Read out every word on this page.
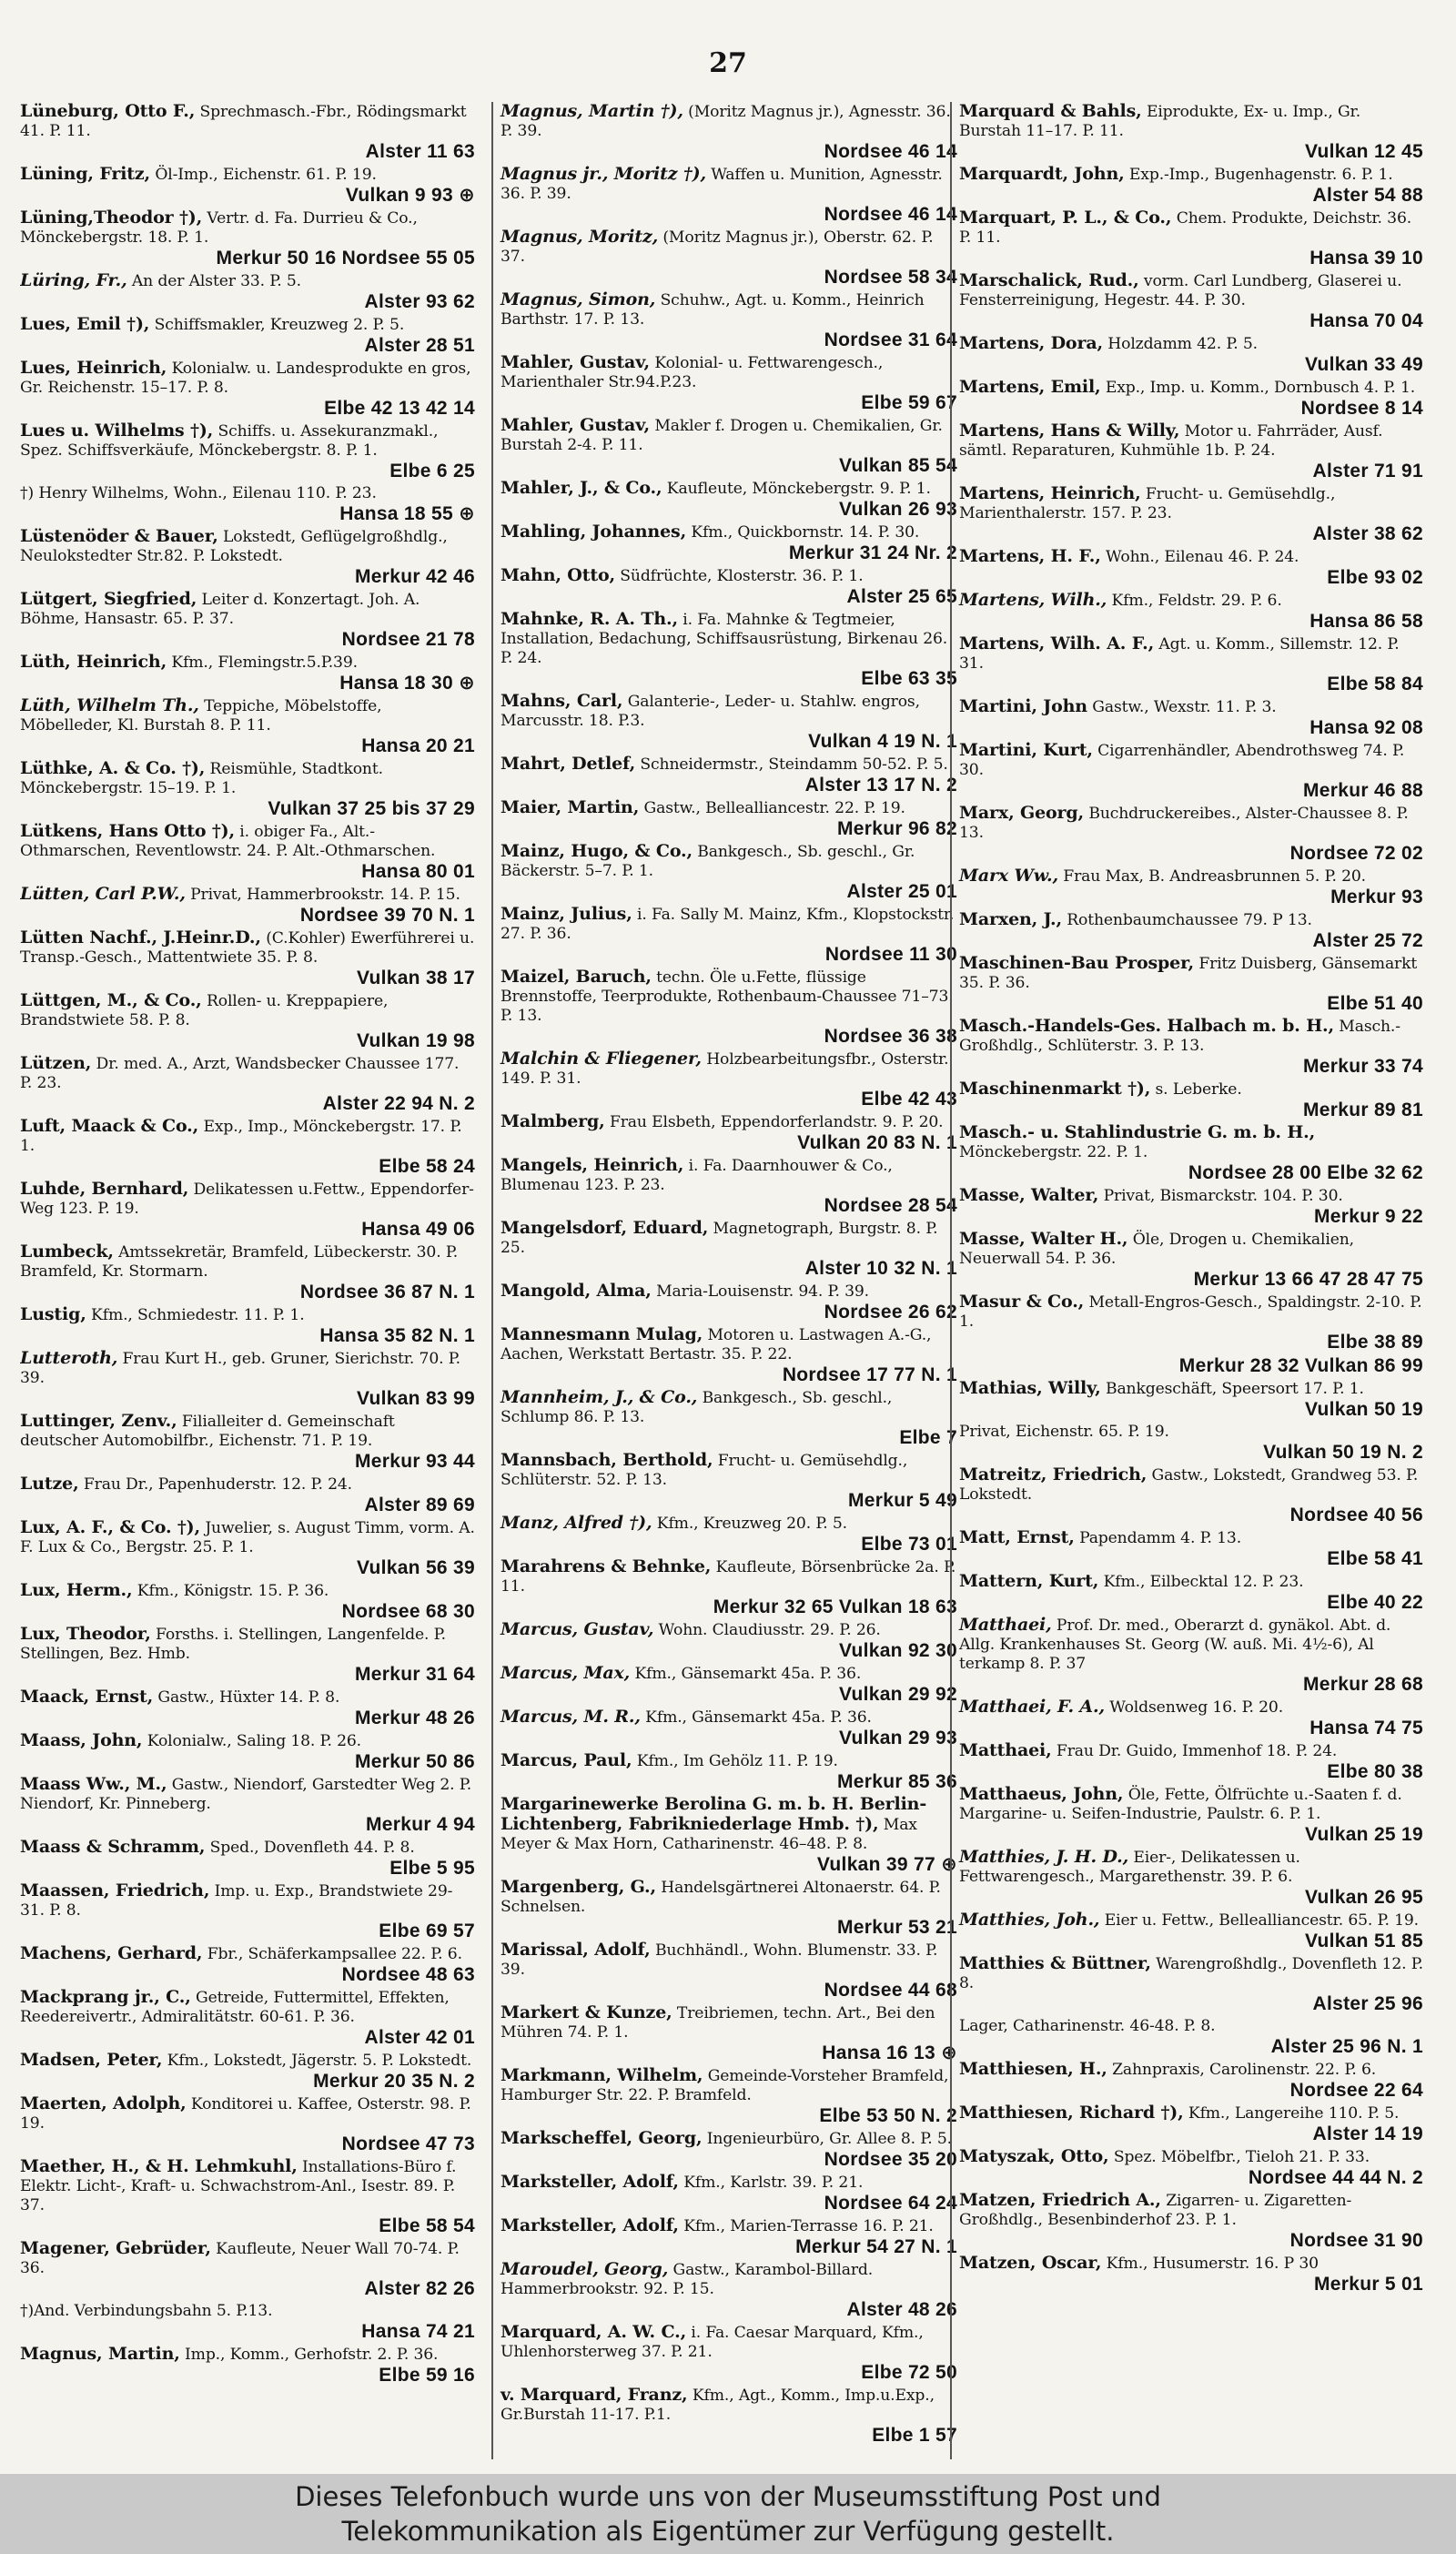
27
Lüneburg, Otto F., Sprechmasch.-Fbr., Rödingsmarkt 41. P. 11.
Alster 11 63
Lüning, Fritz, Öl-Imp., Eichenstr. 61. P. 19.
Vulkan 9 93 ⊕
Lüning,Theodor †), Vertr. d. Fa. Durrieu & Co., Mönckebergstr. 18. P. 1.
Merkur 50 16 Nordsee 55 05
Lüring, Fr., An der Alster 33. P. 5.
Alster 93 62
Lues, Emil †), Schiffsmakler, Kreuzweg 2. P. 5.
Alster 28 51
Lues, Heinrich, Kolonialw. u. Landesprodukte en gros, Gr. Reichenstr. 15–17. P. 8.
Elbe 42 13 42 14
Lues u. Wilhelms †), Schiffs. u. Assekuranzmakl., Spez. Schiffsverkäufe, Mönckebergstr. 8. P. 1.
Elbe 6 25
†) Henry Wilhelms, Wohn., Eilenau 110. P. 23.
Hansa 18 55 ⊕
Lüstenöder & Bauer, Lokstedt, Geflügelgroßhdlg., Neulokstedter Str.82. P. Lokstedt.
Merkur 42 46
Lütgert, Siegfried, Leiter d. Konzertagt. Joh. A. Böhme, Hansastr. 65. P. 37.
Nordsee 21 78
Lüth, Heinrich, Kfm., Flemingstr.5.P.39.
Hansa 18 30 ⊕
Lüth, Wilhelm Th., Teppiche, Möbelstoffe, Möbelleder, Kl. Burstah 8. P. 11.
Hansa 20 21
Lüthke, A. & Co. †), Reismühle, Stadtkont. Mönckebergstr. 15–19. P. 1.
Vulkan 37 25 bis 37 29
Lütkens, Hans Otto †), i. obiger Fa., Alt.-Othmarschen, Reventlowstr. 24. P. Alt.-Othmarschen.
Hansa 80 01
Lütten, Carl P.W., Privat, Hammerbrookstr. 14. P. 15.
Nordsee 39 70 N. 1
Lütten Nachf., J.Heinr.D., (C.Kohler) Ewerführerei u. Transp.-Gesch., Mattentwiete 35. P. 8.
Vulkan 38 17
Lüttgen, M., & Co., Rollen- u. Kreppapiere, Brandstwiete 58. P. 8.
Vulkan 19 98
Lützen, Dr. med. A., Arzt, Wandsbecker Chaussee 177. P. 23.
Alster 22 94 N. 2
Luft, Maack & Co., Exp., Imp., Mönckebergstr. 17. P. 1.
Elbe 58 24
Luhde, Bernhard, Delikatessen u.Fettw., Eppendorfer-Weg 123. P. 19.
Hansa 49 06
Lumbeck, Amtssekretär, Bramfeld, Lübeckerstr. 30. P. Bramfeld, Kr. Stormarn.
Nordsee 36 87 N. 1
Lustig, Kfm., Schmiedestr. 11. P. 1.
Hansa 35 82 N. 1
Lutteroth, Frau Kurt H., geb. Gruner, Sierichstr. 70. P. 39.
Vulkan 83 99
Luttinger, Zenv., Filialleiter d. Gemeinschaft deutscher Automobilfbr., Eichenstr. 71. P. 19.
Merkur 93 44
Lutze, Frau Dr., Papenhuderstr. 12. P. 24.
Alster 89 69
Lux, A. F., & Co. †), Juwelier, s. August Timm, vorm. A. F. Lux & Co., Bergstr. 25. P. 1.
Vulkan 56 39
Lux, Herm., Kfm., Königstr. 15. P. 36.
Nordsee 68 30
Lux, Theodor, Forsths. i. Stellingen, Langenfelde. P. Stellingen, Bez. Hmb.
Merkur 31 64
Maack, Ernst, Gastw., Hüxter 14. P. 8.
Merkur 48 26
Maass, John, Kolonialw., Saling 18. P. 26.
Merkur 50 86
Maass Ww., M., Gastw., Niendorf, Garstedter Weg 2. P. Niendorf, Kr. Pinneberg.
Merkur 4 94
Maass & Schramm, Sped., Dovenfleth 44. P. 8.
Elbe 5 95
Maassen, Friedrich, Imp. u. Exp., Brandstwiete 29-31. P. 8.
Elbe 69 57
Machens, Gerhard, Fbr., Schäferkampsallee 22. P. 6.
Nordsee 48 63
Mackprang jr., C., Getreide, Futtermittel, Effekten, Reedereivertr., Admiralitätstr. 60-61. P. 36.
Alster 42 01
Madsen, Peter, Kfm., Lokstedt, Jägerstr. 5. P. Lokstedt.
Merkur 20 35 N. 2
Maerten, Adolph, Konditorei u. Kaffee, Osterstr. 98. P. 19.
Nordsee 47 73
Maether, H., & H. Lehmkuhl, Installations-Büro f. Elektr. Licht-, Kraft- u. Schwachstrom-Anl., Isestr. 89. P. 37.
Elbe 58 54
Magener, Gebrüder, Kaufleute, Neuer Wall 70-74. P. 36.
Alster 82 26
†)And. Verbindungsbahn 5. P.13.
Hansa 74 21
Magnus, Martin, Imp., Komm., Gerhofstr. 2. P. 36.
Elbe 59 16
Magnus, Martin †), (Moritz Magnus jr.), Agnesstr. 36. P. 39.
Nordsee 46 14
Magnus jr., Moritz †), Waffen u. Munition, Agnesstr. 36. P. 39.
Nordsee 46 14
Magnus, Moritz, (Moritz Magnus jr.), Oberstr. 62. P. 37.
Nordsee 58 34
Magnus, Simon, Schuhw., Agt. u. Komm., Heinrich Barthstr. 17. P. 13.
Nordsee 31 64
Mahler, Gustav, Kolonial- u. Fettwarengesch., Marienthaler Str.94.P.23.
Elbe 59 67
Mahler, Gustav, Makler f. Drogen u. Chemikalien, Gr. Burstah 2-4. P. 11.
Vulkan 85 54
Mahler, J., & Co., Kaufleute, Mönckebergstr. 9. P. 1.
Vulkan 26 93
Mahling, Johannes, Kfm., Quickbornstr. 14. P. 30.
Merkur 31 24 Nr. 2
Mahn, Otto, Südfrüchte, Klosterstr. 36. P. 1.
Alster 25 65
Mahnke, R. A. Th., i. Fa. Mahnke & Tegtmeier, Installation, Bedachung, Schiffsausrüstung, Birkenau 26. P. 24.
Elbe 63 35
Mahns, Carl, Galanterie-, Leder- u. Stahlw. engros, Marcusstr. 18. P.3.
Vulkan 4 19 N. 1
Mahrt, Detlef, Schneidermstr., Steindamm 50-52. P. 5.
Alster 13 17 N. 2
Maier, Martin, Gastw., Bellealliancestr. 22. P. 19.
Merkur 96 82
Mainz, Hugo, & Co., Bankgesch., Sb. geschl., Gr. Bäckerstr. 5–7. P. 1.
Alster 25 01
Mainz, Julius, i. Fa. Sally M. Mainz, Kfm., Klopstockstr. 27. P. 36.
Nordsee 11 30
Maizel, Baruch, techn. Öle u.Fette, flüssige Brennstoffe, Teerprodukte, Rothenbaum-Chaussee 71–73. P. 13.
Nordsee 36 38
Malchin & Fliegener, Holzbearbeitungsfbr., Osterstr. 149. P. 31.
Elbe 42 43
Malmberg, Frau Elsbeth, Eppendorferlandstr. 9. P. 20.
Vulkan 20 83 N. 1
Mangels, Heinrich, i. Fa. Daarnhouwer & Co., Blumenau 123. P. 23.
Nordsee 28 54
Mangelsdorf, Eduard, Magnetograph, Burgstr. 8. P. 25.
Alster 10 32 N. 1
Mangold, Alma, Maria-Louisenstr. 94. P. 39.
Nordsee 26 62
Mannesmann Mulag, Motoren u. Lastwagen A.-G., Aachen, Werkstatt Bertastr. 35. P. 22.
Nordsee 17 77 N. 1
Mannheim, J., & Co., Bankgesch., Sb. geschl., Schlump 86. P. 13.
Elbe 7
Mannsbach, Berthold, Frucht- u. Gemüsehdlg., Schlüterstr. 52. P. 13.
Merkur 5 49
Manz, Alfred †), Kfm., Kreuzweg 20. P. 5.
Elbe 73 01
Marahrens & Behnke, Kaufleute, Börsenbrücke 2a. P. 11.
Merkur 32 65 Vulkan 18 63
Marcus, Gustav, Wohn. Claudiusstr. 29. P. 26.
Vulkan 92 30
Marcus, Max, Kfm., Gänsemarkt 45a. P. 36.
Vulkan 29 92
Marcus, M. R., Kfm., Gänsemarkt 45a. P. 36.
Vulkan 29 93
Marcus, Paul, Kfm., Im Gehölz 11. P. 19.
Merkur 85 36
Margarinewerke Berolina G. m. b. H. Berlin-Lichtenberg, Fabrikniederlage Hmb. †), Max Meyer & Max Horn, Catharinenstr. 46–48. P. 8.
Vulkan 39 77 ⊕
Margenberg, G., Handelsgärtnerei Altonaerstr. 64. P. Schnelsen.
Merkur 53 21
Marissal, Adolf, Buchhändl., Wohn. Blumenstr. 33. P. 39.
Nordsee 44 68
Markert & Kunze, Treibriemen, techn. Art., Bei den Mühren 74. P. 1.
Hansa 16 13 ⊕
Markmann, Wilhelm, Gemeinde-Vorsteher Bramfeld, Hamburger Str. 22. P. Bramfeld.
Elbe 53 50 N. 2
Markscheffel, Georg, Ingenieurbüro, Gr. Allee 8. P. 5.
Nordsee 35 20
Marksteller, Adolf, Kfm., Karlstr. 39. P. 21.
Nordsee 64 24
Marksteller, Adolf, Kfm., Marien-Terrasse 16. P. 21.
Merkur 54 27 N. 1
Maroudel, Georg, Gastw., Karambol-Billard. Hammerbrookstr. 92. P. 15.
Alster 48 26
Marquard, A. W. C., i. Fa. Caesar Marquard, Kfm., Uhlenhorsterweg 37. P. 21.
Elbe 72 50
v. Marquard, Franz, Kfm., Agt., Komm., Imp.u.Exp., Gr.Burstah 11-17. P.1.
Elbe 1 57
Marquard & Bahls, Eiprodukte, Ex- u. Imp., Gr. Burstah 11–17. P. 11.
Vulkan 12 45
Marquardt, John, Exp.-Imp., Bugenhagenstr. 6. P. 1.
Alster 54 88
Marquart, P. L., & Co., Chem. Produkte, Deichstr. 36. P. 11.
Hansa 39 10
Marschalick, Rud., vorm. Carl Lundberg, Glaserei u. Fensterreinigung, Hegestr. 44. P. 30.
Hansa 70 04
Martens, Dora, Holzdamm 42. P. 5.
Vulkan 33 49
Martens, Emil, Exp., Imp. u. Komm., Dornbusch 4. P. 1.
Nordsee 8 14
Martens, Hans & Willy, Motor u. Fahrräder, Ausf. sämtl. Reparaturen, Kuhmühle 1b. P. 24.
Alster 71 91
Martens, Heinrich, Frucht- u. Gemüsehdlg., Marienthalerstr. 157. P. 23.
Alster 38 62
Martens, H. F., Wohn., Eilenau 46. P. 24.
Elbe 93 02
Martens, Wilh., Kfm., Feldstr. 29. P. 6.
Hansa 86 58
Martens, Wilh. A. F., Agt. u. Komm., Sillemstr. 12. P. 31.
Elbe 58 84
Martini, John Gastw., Wexstr. 11. P. 3.
Hansa 92 08
Martini, Kurt, Cigarrenhändler, Abendrothsweg 74. P. 30.
Merkur 46 88
Marx, Georg, Buchdruckereibes., Alster-Chaussee 8. P. 13.
Nordsee 72 02
Marx Ww., Frau Max, B. Andreasbrunnen 5. P. 20.
Merkur 93
Marxen, J., Rothenbaumchaussee 79. P 13.
Alster 25 72
Maschinen-Bau Prosper, Fritz Duisberg, Gänsemarkt 35. P. 36.
Elbe 51 40
Masch.-Handels-Ges. Halbach m. b. H., Masch.-Großhdlg., Schlüterstr. 3. P. 13.
Merkur 33 74
Maschinenmarkt †), s. Leberke.
Merkur 89 81
Masch.- u. Stahlindustrie G. m. b. H., Mönckebergstr. 22. P. 1.
Nordsee 28 00 Elbe 32 62
Masse, Walter, Privat, Bismarckstr. 104. P. 30.
Merkur 9 22
Masse, Walter H., Öle, Drogen u. Chemikalien, Neuerwall 54. P. 36.
Merkur 13 66 47 28 47 75
Masur & Co., Metall-Engros-Gesch., Spaldingstr. 2-10. P. 1.
Elbe 38 89
Merkur 28 32 Vulkan 86 99
Mathias, Willy, Bankgeschäft, Speersort 17. P. 1.
Vulkan 50 19
Privat, Eichenstr. 65. P. 19.
Vulkan 50 19 N. 2
Matreitz, Friedrich, Gastw., Lokstedt, Grandweg 53. P. Lokstedt.
Nordsee 40 56
Matt, Ernst, Papendamm 4. P. 13.
Elbe 58 41
Mattern, Kurt, Kfm., Eilbecktal 12. P. 23.
Elbe 40 22
Matthaei, Prof. Dr. med., Oberarzt d. gynäkol. Abt. d. Allg. Krankenhauses St. Georg (W. auß. Mi. 4½-6), Al terkamp 8. P. 37
Merkur 28 68
Matthaei, F. A., Woldsenweg 16. P. 20.
Hansa 74 75
Matthaei, Frau Dr. Guido, Immenhof 18. P. 24.
Elbe 80 38
Matthaeus, John, Öle, Fette, Ölfrüchte u.-Saaten f. d. Margarine- u. Seifen-Industrie, Paulstr. 6. P. 1.
Vulkan 25 19
Matthies, J. H. D., Eier-, Delikatessen u. Fettwarengesch., Margarethenstr. 39. P. 6.
Vulkan 26 95
Matthies, Joh., Eier u. Fettw., Bellealliancestr. 65. P. 19.
Vulkan 51 85
Matthies & Büttner, Warengroßhdlg., Dovenfleth 12. P. 8.
Alster 25 96
Lager, Catharinenstr. 46-48. P. 8.
Alster 25 96 N. 1
Matthiesen, H., Zahnpraxis, Carolinenstr. 22. P. 6.
Nordsee 22 64
Matthiesen, Richard †), Kfm., Langereihe 110. P. 5.
Alster 14 19
Matyszak, Otto, Spez. Möbelfbr., Tieloh 21. P. 33.
Nordsee 44 44 N. 2
Matzen, Friedrich A., Zigarren- u. Zigaretten-Großhdlg., Besenbinderhof 23. P. 1.
Nordsee 31 90
Matzen, Oscar, Kfm., Husumerstr. 16. P 30
Merkur 5 01
Dieses Telefonbuch wurde uns von der Museumsstiftung Post und
Telekommunikation als Eigentümer zur Verfügung gestellt.
